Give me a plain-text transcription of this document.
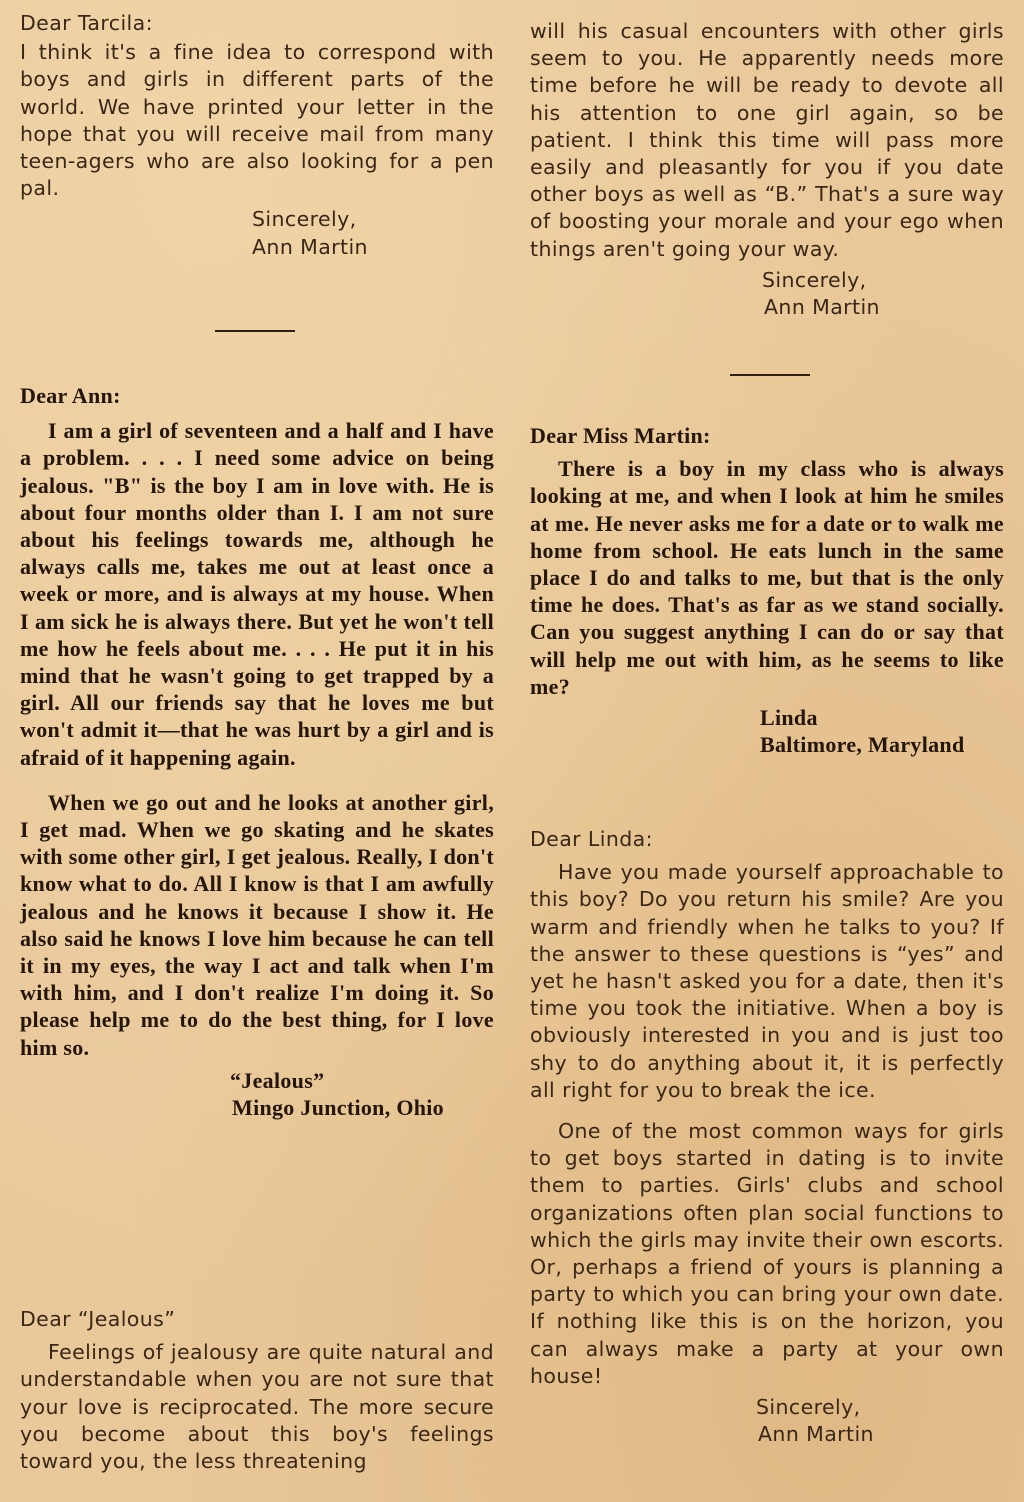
Dear Tarcila:

I think it's a fine idea to correspond with boys and girls in different parts of the world. We have printed your letter in the hope that you will receive mail from many teen-agers who are also looking for a pen pal.

Sincerely,
Ann Martin
Dear Ann:

I am a girl of seventeen and a half and I have a problem. . . . I need some advice on being jealous. "B" is the boy I am in love with. He is about four months older than I. I am not sure about his feelings towards me, although he always calls me, takes me out at least once a week or more, and is always at my house. When I am sick he is always there. But yet he won't tell me how he feels about me. . . . He put it in his mind that he wasn't going to get trapped by a girl. All our friends say that he loves me but won't admit it—that he was hurt by a girl and is afraid of it happening again.

When we go out and he looks at another girl, I get mad. When we go skating and he skates with some other girl, I get jealous. Really, I don't know what to do. All I know is that I am awfully jealous and he knows it because I show it. He also said he knows I love him because he can tell it in my eyes, the way I act and talk when I'm with him, and I don't realize I'm doing it. So please help me to do the best thing, for I love him so.

“Jealous”
Mingo Junction, Ohio
Dear “Jealous”

Feelings of jealousy are quite natural and understandable when you are not sure that your love is reciprocated. The more secure you become about this boy's feelings toward you, the less threatening

will his casual encounters with other girls seem to you. He apparently needs more time before he will be ready to devote all his attention to one girl again, so be patient. I think this time will pass more easily and pleasantly for you if you date other boys as well as “B.” That's a sure way of boosting your morale and your ego when things aren't going your way.

Sincerely,
Ann Martin
Dear Miss Martin:

There is a boy in my class who is always looking at me, and when I look at him he smiles at me. He never asks me for a date or to walk me home from school. He eats lunch in the same place I do and talks to me, but that is the only time he does. That's as far as we stand socially. Can you suggest anything I can do or say that will help me out with him, as he seems to like me?

Linda
Baltimore, Maryland
Dear Linda:

Have you made yourself approachable to this boy? Do you return his smile? Are you warm and friendly when he talks to you? If the answer to these questions is “yes” and yet he hasn't asked you for a date, then it's time you took the initiative. When a boy is obviously interested in you and is just too shy to do anything about it, it is perfectly all right for you to break the ice.

One of the most common ways for girls to get boys started in dating is to invite them to parties. Girls' clubs and school organizations often plan social functions to which the girls may invite their own escorts. Or, perhaps a friend of yours is planning a party to which you can bring your own date. If nothing like this is on the horizon, you can always make a party at your own house!

Sincerely,
Ann Martin
